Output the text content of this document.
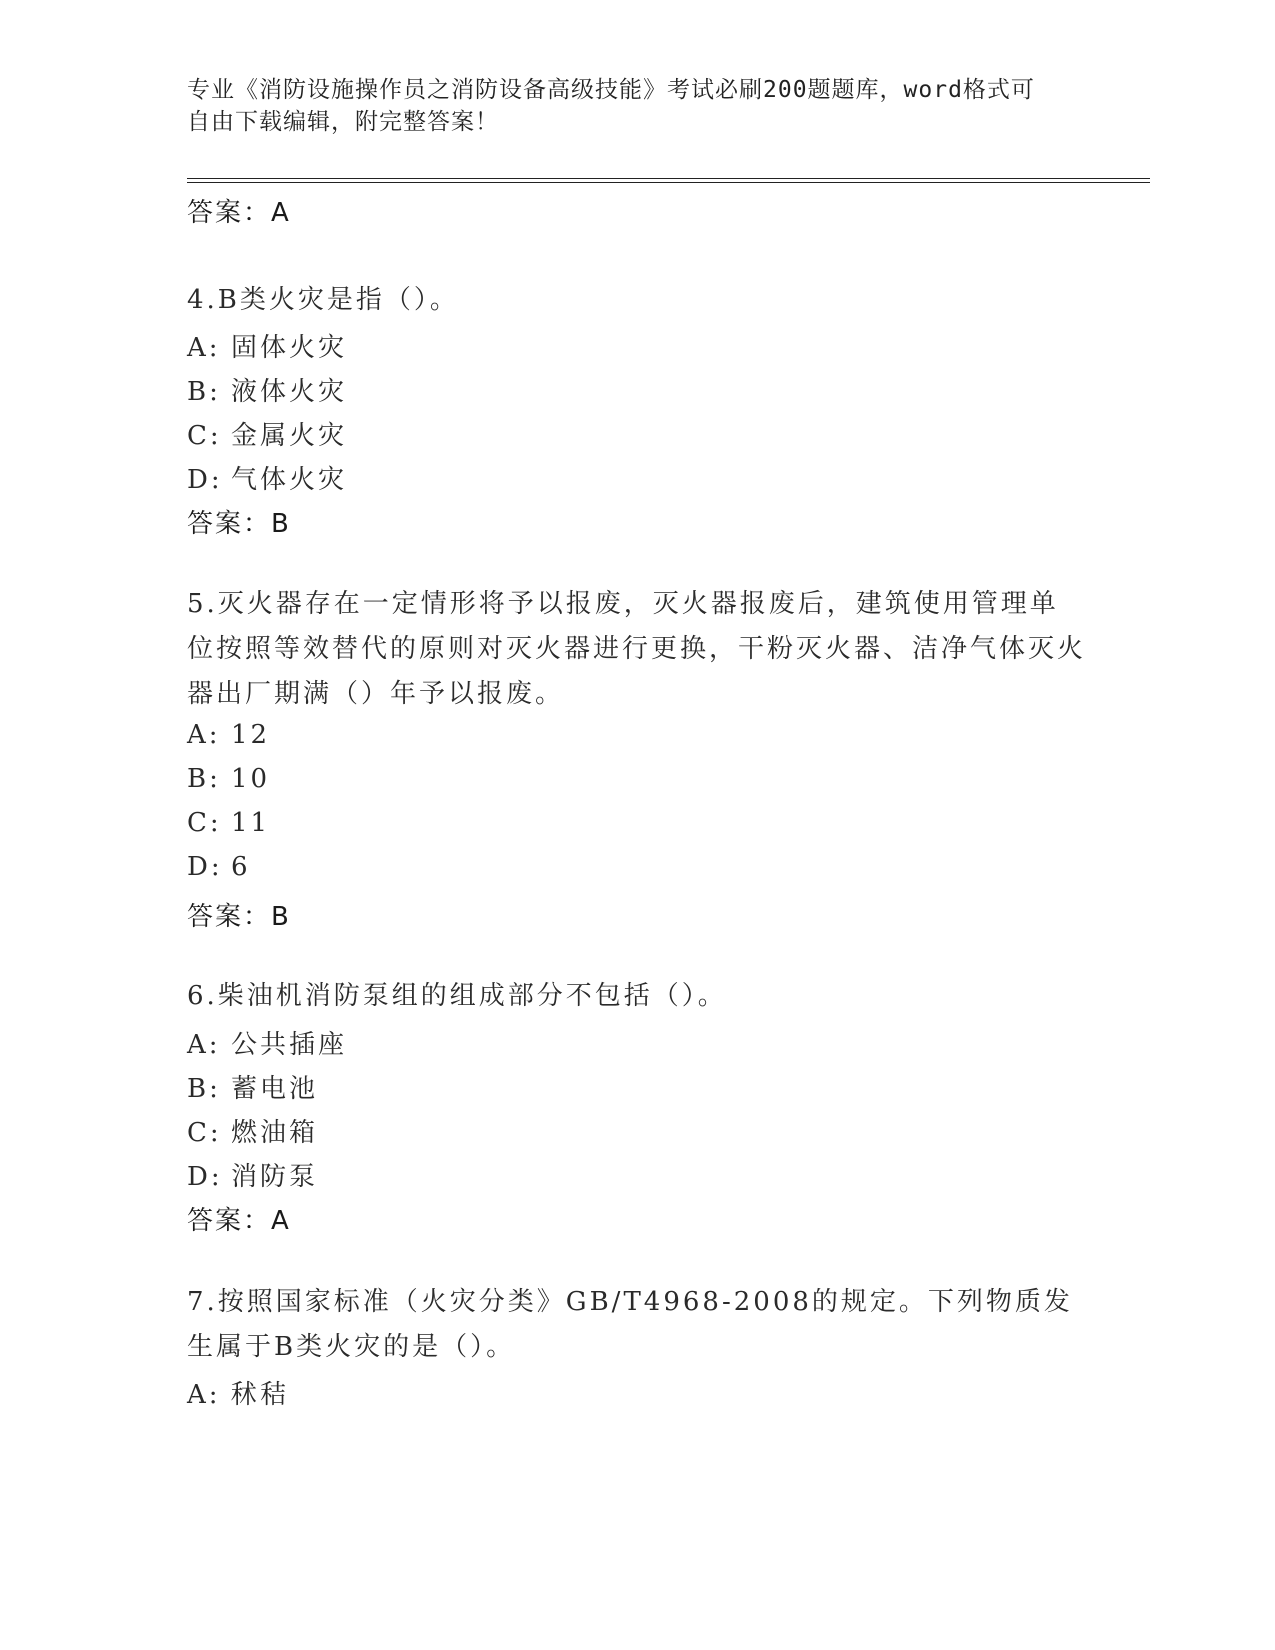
专业《消防设施操作员之消防设备高级技能》考试必刷200题题库，word格式可
自由下载编辑，附完整答案！
答案：A
4.B类火灾是指（）。
A: 固体火灾
B: 液体火灾
C: 金属火灾
D: 气体火灾
答案：B
5.灭火器存在一定情形将予以报废，灭火器报废后，建筑使用管理单位按照等效替代的原则对灭火器进行更换，干粉灭火器、洁净气体灭火器出厂期满（）年予以报废。
A: 12
B: 10
C: 11
D: 6
答案：B
6.柴油机消防泵组的组成部分不包括（）。
A: 公共插座
B: 蓄电池
C: 燃油箱
D: 消防泵
答案：A
7.按照国家标准（火灾分类》GB/T4968-2008的规定。下列物质发生属于B类火灾的是（）。
A: 秫秸
